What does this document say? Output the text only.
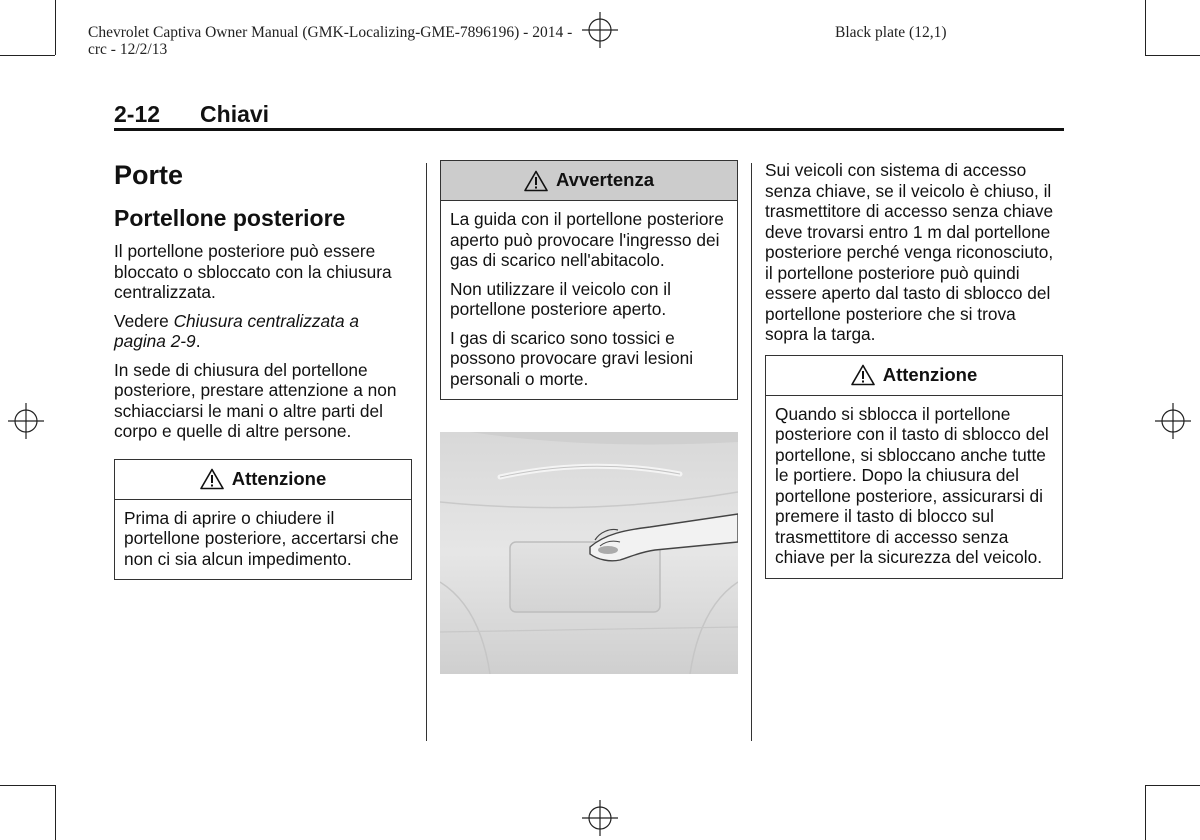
Chevrolet Captiva Owner Manual (GMK-Localizing-GME-7896196) - 2014 -
crc - 12/2/13
Black plate (12,1)
2-12 Chiavi
Porte
Portellone posteriore

Il portellone posteriore può essere bloccato o sbloccato con la chiusura centralizzata.

Vedere Chiusura centralizzata a pagina 2-9.

In sede di chiusura del portellone posteriore, prestare attenzione a non schiacciarsi le mani o altre parti del corpo e quelle di altre persone.

Attenzione

Prima di aprire o chiudere il portellone posteriore, accertarsi che non ci sia alcun impedimento.

Avvertenza

La guida con il portellone posteriore aperto può provocare l'ingresso dei gas di scarico nell'abitacolo.

Non utilizzare il veicolo con il portellone posteriore aperto.

I gas di scarico sono tossici e possono provocare gravi lesioni personali o morte.

Sui veicoli con sistema di accesso senza chiave, se il veicolo è chiuso, il trasmettitore di accesso senza chiave deve trovarsi entro 1 m dal portellone posteriore perché venga riconosciuto, il portellone posteriore può quindi essere aperto dal tasto di sblocco del portellone posteriore che si trova sopra la targa.

Attenzione

Quando si sblocca il portellone posteriore con il tasto di sblocco del portellone, si sbloccano anche tutte le portiere. Dopo la chiusura del portellone posteriore, assicurarsi di premere il tasto di blocco sul trasmettitore di accesso senza chiave per la sicurezza del veicolo.
